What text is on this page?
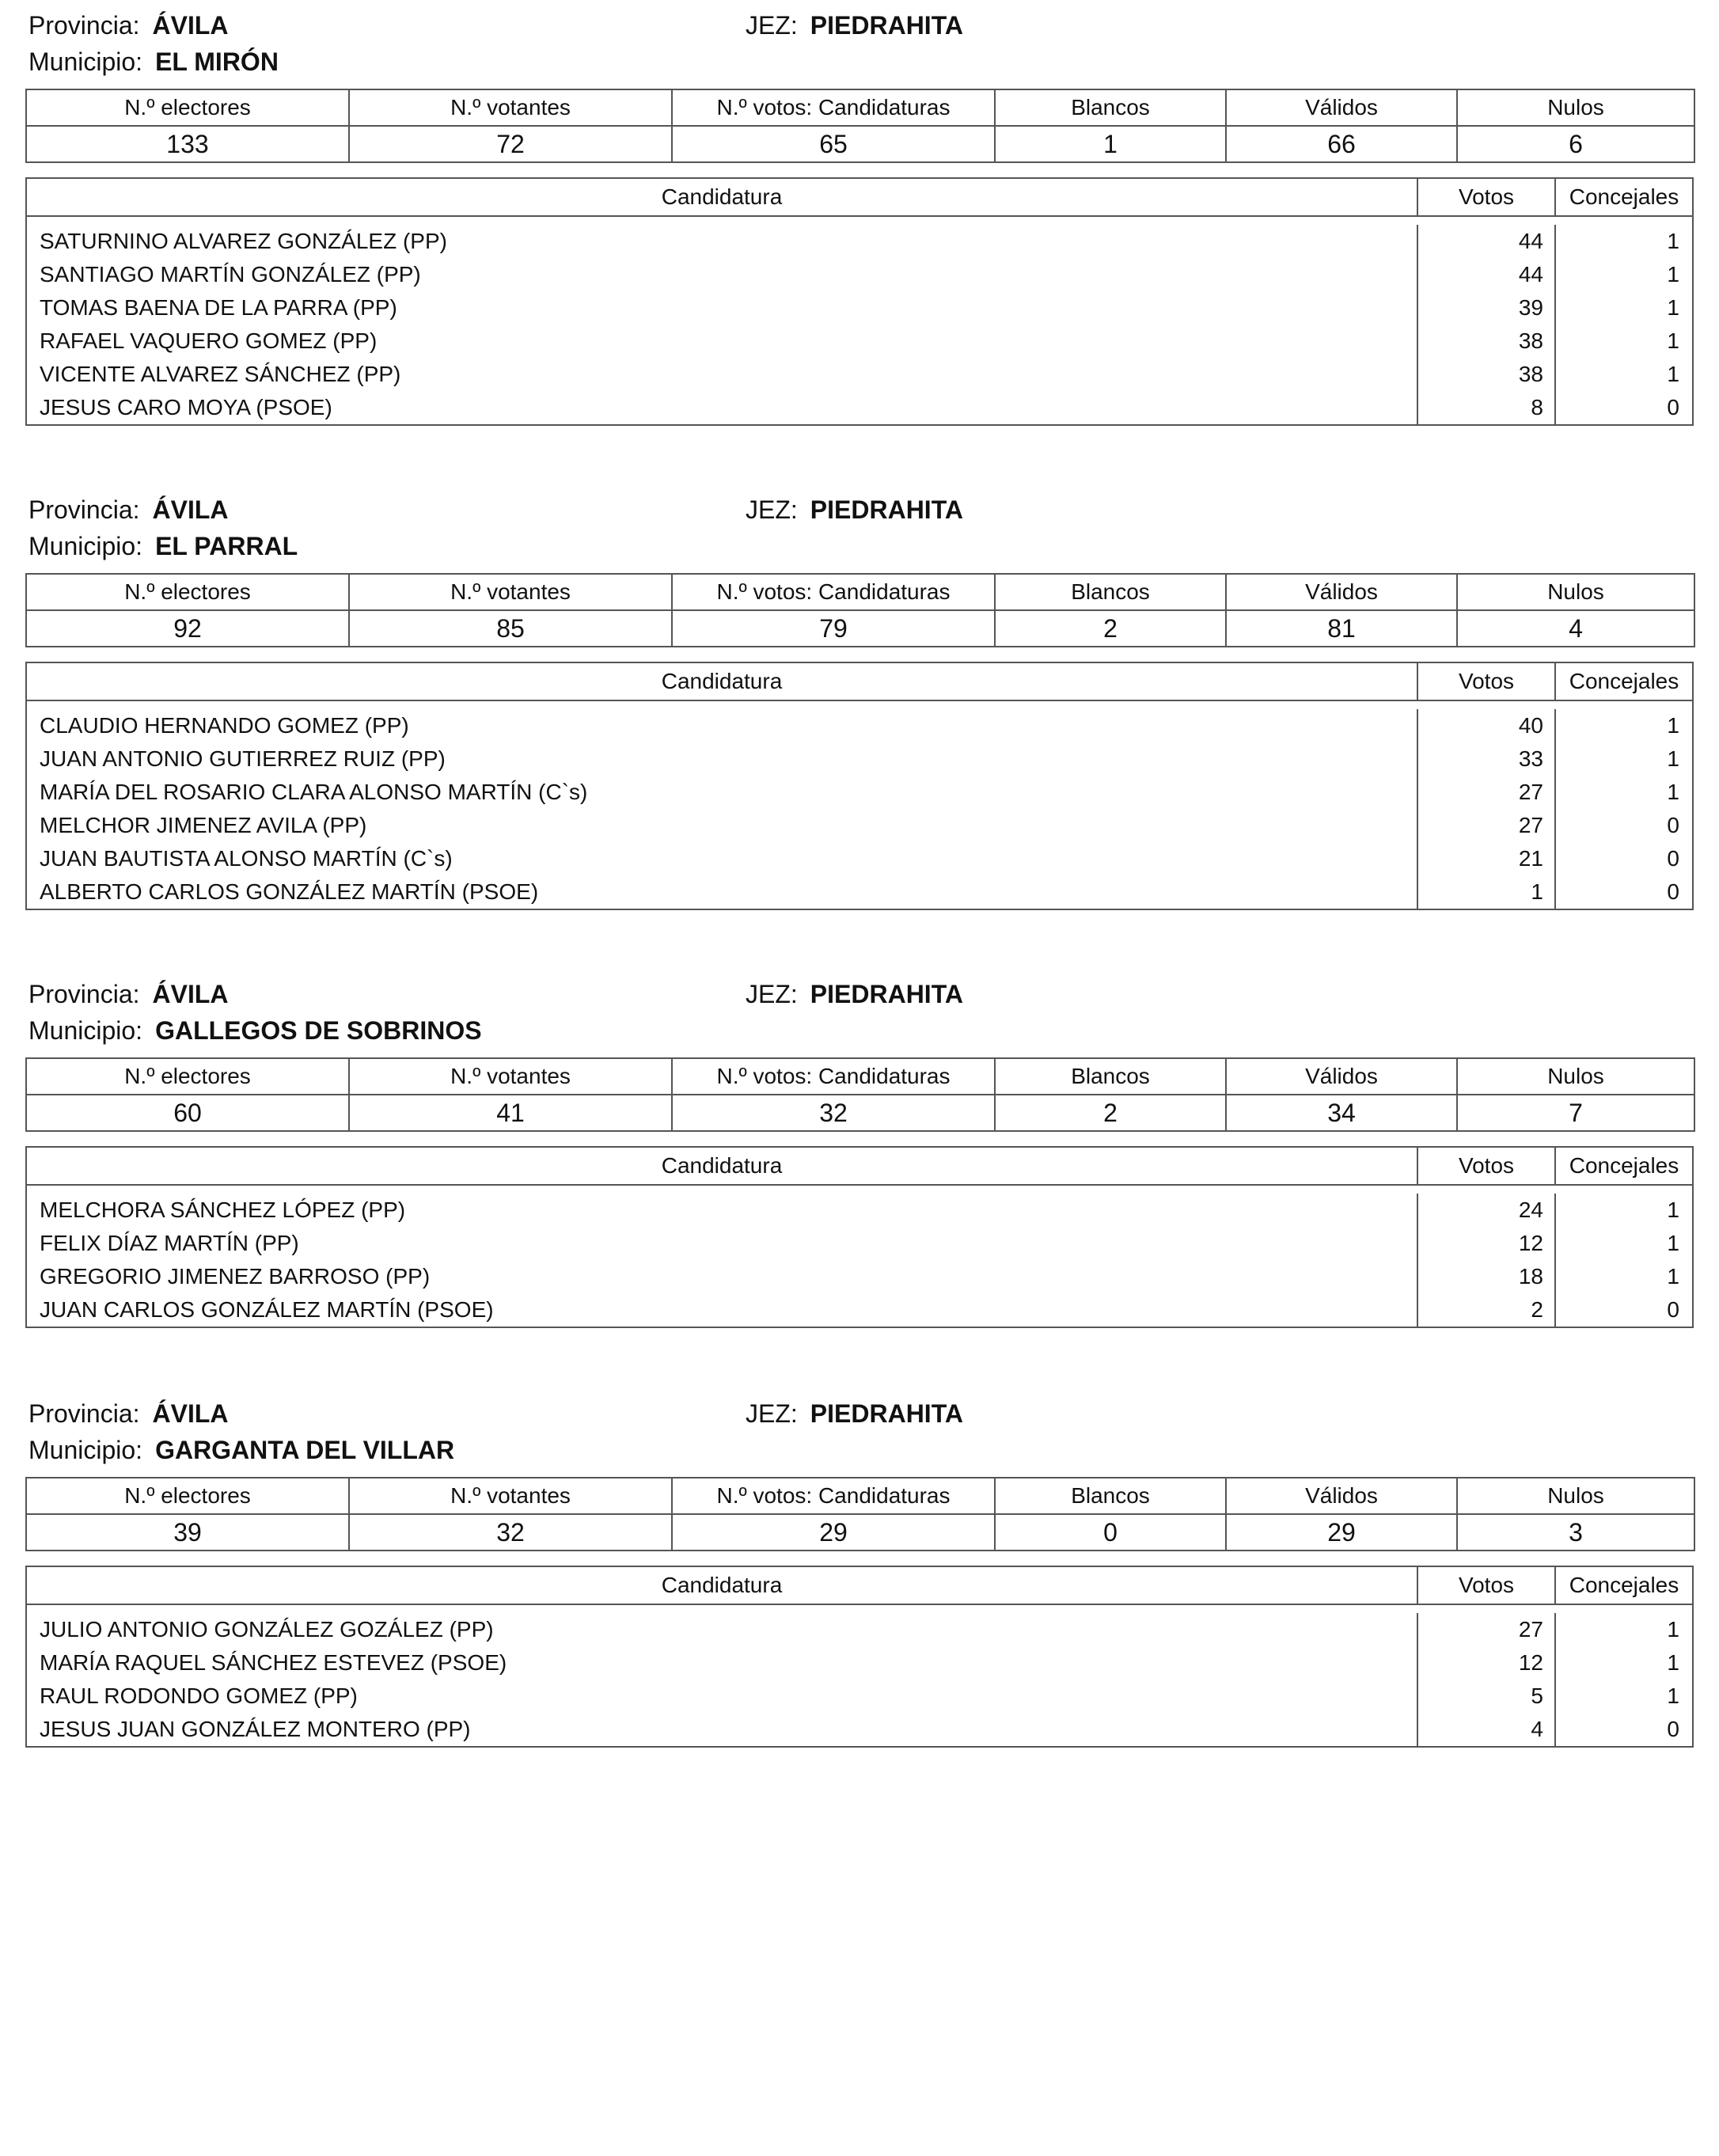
Provincia: ÁVILA	JEZ: PIEDRAHITA
Municipio: EL MIRÓN
N.º electores	N.º votantes	N.º votos: Candidaturas	Blancos	Válidos	Nulos
133	72	65	1	66	6
Candidatura	Votos	Concejales
SATURNINO ALVAREZ GONZÁLEZ (PP)	44	1
SANTIAGO MARTÍN GONZÁLEZ (PP)	44	1
TOMAS BAENA DE LA PARRA (PP)	39	1
RAFAEL VAQUERO GOMEZ (PP)	38	1
VICENTE ALVAREZ SÁNCHEZ (PP)	38	1
JESUS CARO MOYA (PSOE)	8	0
Provincia: ÁVILA	JEZ: PIEDRAHITA
Municipio: EL PARRAL
N.º electores	N.º votantes	N.º votos: Candidaturas	Blancos	Válidos	Nulos
92	85	79	2	81	4
Candidatura	Votos	Concejales
CLAUDIO HERNANDO GOMEZ (PP)	40	1
JUAN ANTONIO GUTIERREZ RUIZ (PP)	33	1
MARÍA DEL ROSARIO CLARA ALONSO MARTÍN (C`s)	27	1
MELCHOR JIMENEZ AVILA (PP)	27	0
JUAN BAUTISTA ALONSO MARTÍN (C`s)	21	0
ALBERTO CARLOS GONZÁLEZ MARTÍN (PSOE)	1	0
Provincia: ÁVILA	JEZ: PIEDRAHITA
Municipio: GALLEGOS DE SOBRINOS
N.º electores	N.º votantes	N.º votos: Candidaturas	Blancos	Válidos	Nulos
60	41	32	2	34	7
Candidatura	Votos	Concejales
MELCHORA SÁNCHEZ LÓPEZ (PP)	24	1
FELIX DÍAZ MARTÍN (PP)	12	1
GREGORIO JIMENEZ BARROSO (PP)	18	1
JUAN CARLOS GONZÁLEZ MARTÍN (PSOE)	2	0
Provincia: ÁVILA	JEZ: PIEDRAHITA
Municipio: GARGANTA DEL VILLAR
N.º electores	N.º votantes	N.º votos: Candidaturas	Blancos	Válidos	Nulos
39	32	29	0	29	3
Candidatura	Votos	Concejales
JULIO ANTONIO GONZÁLEZ GOZÁLEZ (PP)	27	1
MARÍA RAQUEL SÁNCHEZ ESTEVEZ (PSOE)	12	1
RAUL RODONDO GOMEZ (PP)	5	1
JESUS JUAN GONZÁLEZ MONTERO (PP)	4	0
